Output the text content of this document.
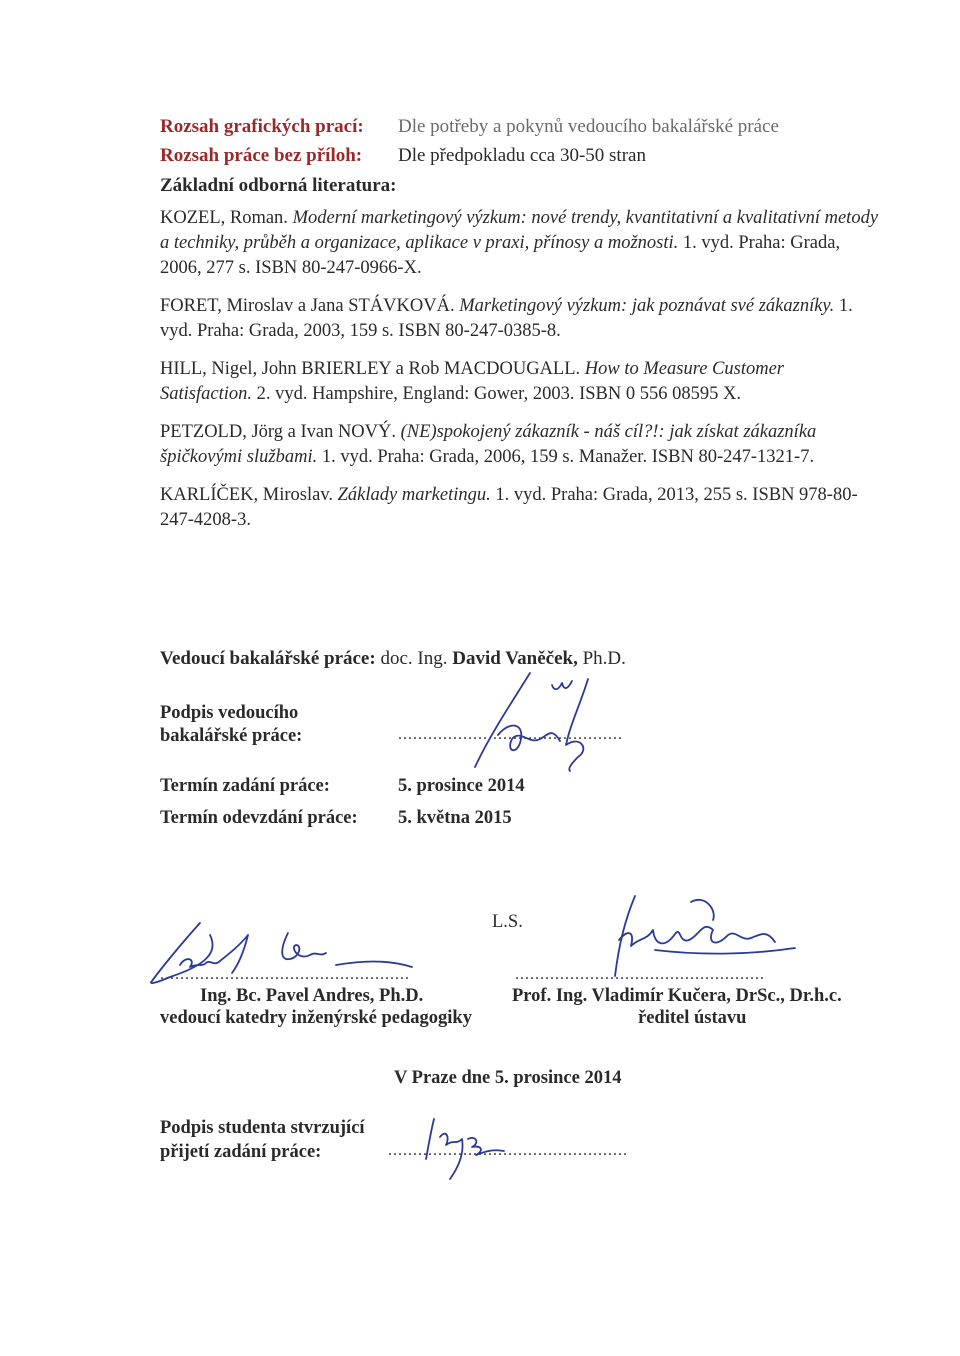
Rozsah grafických prací: Dle potřeby a pokynů vedoucího bakalářské práce
Rozsah práce bez příloh: Dle předpokladu cca 30-50 stran
Základní odborná literatura:

KOZEL, Roman. Moderní marketingový výzkum: nové trendy, kvantitativní a kvalitativní metody a techniky, průběh a organizace, aplikace v praxi, přínosy a možnosti. 1. vyd. Praha: Grada, 2006, 277 s. ISBN 80-247-0966-X.

FORET, Miroslav a Jana STÁVKOVÁ. Marketingový výzkum: jak poznávat své zákazníky. 1. vyd. Praha: Grada, 2003, 159 s. ISBN 80-247-0385-8.

HILL, Nigel, John BRIERLEY a Rob MACDOUGALL. How to Measure Customer Satisfaction. 2. vyd. Hampshire, England: Gower, 2003. ISBN 0 556 08595 X.

PETZOLD, Jörg a Ivan NOVÝ. (NE)spokojený zákazník - náš cíl?!: jak získat zákazníka špičkovými službami. 1. vyd. Praha: Grada, 2006, 159 s. Manažer. ISBN 80-247-1321-7.

KARLÍČEK, Miroslav. Základy marketingu. 1. vyd. Praha: Grada, 2013, 255 s. ISBN 978-80-247-4208-3.

Vedoucí bakalářské práce: doc. Ing. David Vaněček, Ph.D.
Podpis vedoucího
bakalářské práce:	.............................................
Termín zadání práce:	5. prosince 2014
Termín odevzdání práce: 5. května 2015
L.S.
..................................................
Ing. Bc. Pavel Andres, Ph.D.
vedoucí katedry inženýrské pedagogiky
..................................................
Prof. Ing. Vladimír Kučera, DrSc., Dr.h.c.
ředitel ústavu
V Praze dne 5. prosince 2014
Podpis studenta stvrzující
přijetí zadání práce:	................................................
